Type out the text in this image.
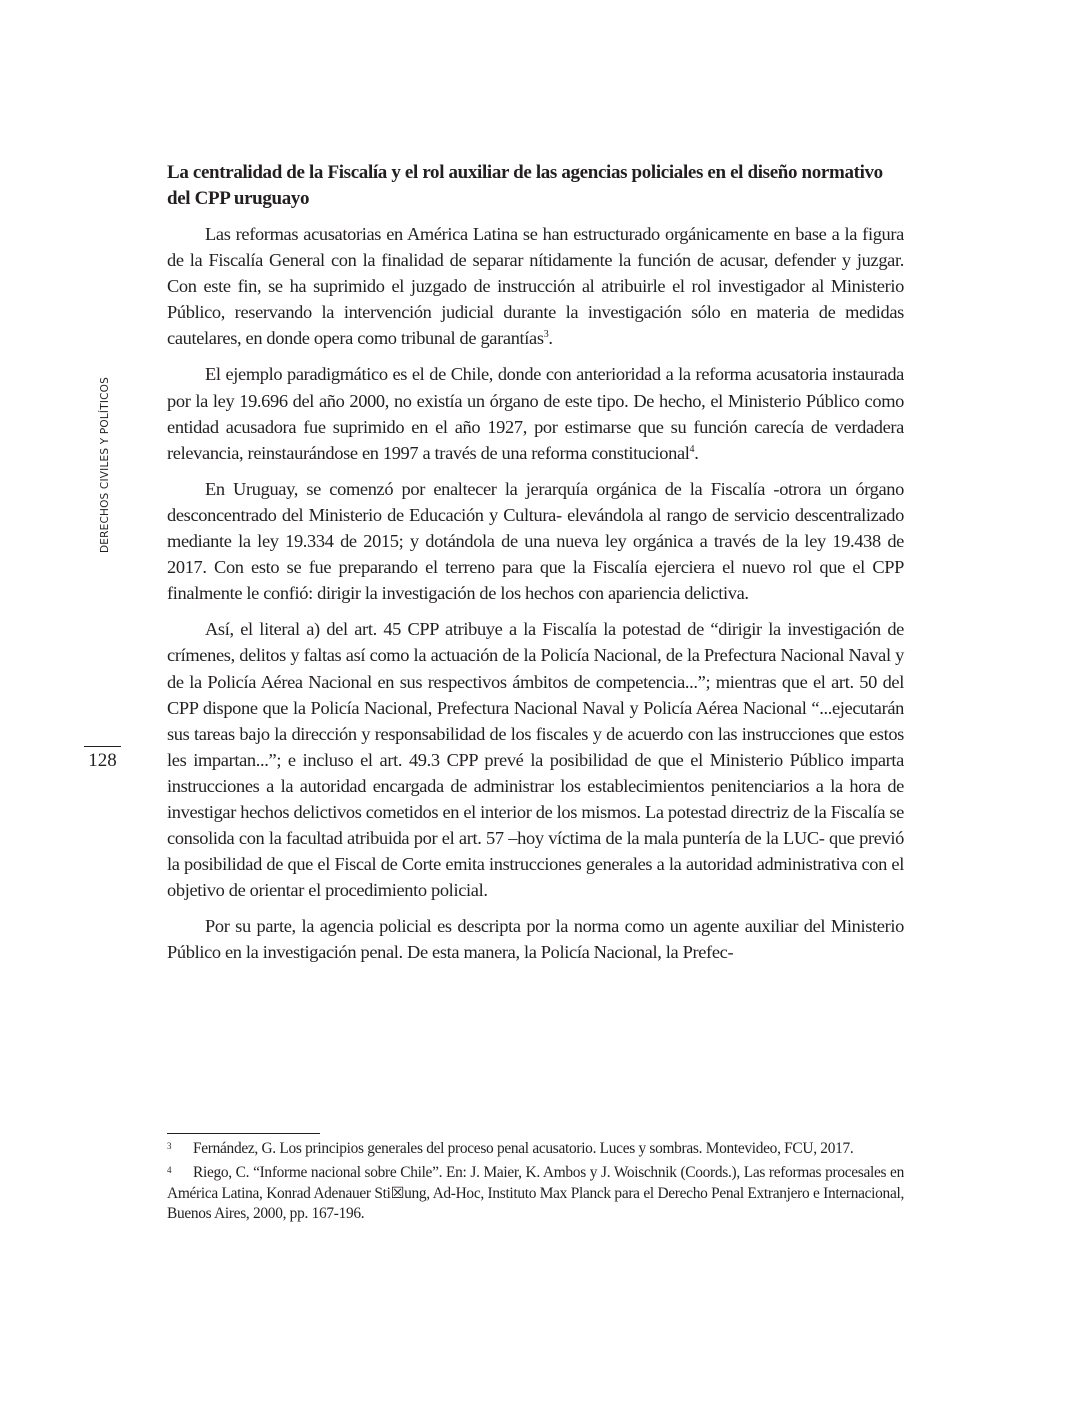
DERECHOS CIVILES Y POLÍTICOS
128
La centralidad de la Fiscalía y el rol auxiliar de las agencias policiales en el diseño normativo del CPP uruguayo

Las reformas acusatorias en América Latina se han estructurado orgánicamente en base a la figura de la Fiscalía General con la finalidad de separar nítidamente la función de acusar, defender y juzgar. Con este fin, se ha suprimido el juzgado de instrucción al atribuirle el rol investigador al Ministerio Público, reservando la intervención judicial durante la investigación sólo en materia de medidas cautelares, en donde opera como tribunal de garantías$^3$.

El ejemplo paradigmático es el de Chile, donde con anterioridad a la reforma acusatoria instaurada por la ley 19.696 del año 2000, no existía un órgano de este tipo. De hecho, el Ministerio Público como entidad acusadora fue suprimido en el año 1927, por estimarse que su función carecía de verdadera relevancia, reinstaurándose en 1997 a través de una reforma constitucional$^4$.

En Uruguay, se comenzó por enaltecer la jerarquía orgánica de la Fiscalía -otrora un órgano desconcentrado del Ministerio de Educación y Cultura- elevándola al rango de servicio descentralizado mediante la ley 19.334 de 2015; y dotándola de una nueva ley orgánica a través de la ley 19.438 de 2017. Con esto se fue preparando el terreno para que la Fiscalía ejerciera el nuevo rol que el CPP finalmente le confió: dirigir la investigación de los hechos con apariencia delictiva.

Así, el literal a) del art. 45 CPP atribuye a la Fiscalía la potestad de “dirigir la investigación de crímenes, delitos y faltas así como la actuación de la Policía Nacional, de la Prefectura Nacional Naval y de la Policía Aérea Nacional en sus respectivos ámbitos de competencia...”; mientras que el art. 50 del CPP dispone que la Policía Nacional, Prefectura Nacional Naval y Policía Aérea Nacional “...ejecutarán sus tareas bajo la dirección y responsabilidad de los fiscales y de acuerdo con las instrucciones que estos les impartan...”; e incluso el art. 49.3 CPP prevé la posibilidad de que el Ministerio Público imparta instrucciones a la autoridad encargada de administrar los establecimientos penitenciarios a la hora de investigar hechos delictivos cometidos en el interior de los mismos. La potestad directriz de la Fiscalía se consolida con la facultad atribuida por el art. 57 –hoy víctima de la mala puntería de la LUC- que previó la posibilidad de que el Fiscal de Corte emita instrucciones generales a la autoridad administrativa con el objetivo de orientar el procedimiento policial.

Por su parte, la agencia policial es descripta por la norma como un agente auxiliar del Ministerio Público en la investigación penal. De esta manera, la Policía Nacional, la Prefec-

3 Fernández, G. Los principios generales del proceso penal acusatorio. Luces y sombras. Montevideo, FCU, 2017.

4 Riego, C. “Informe nacional sobre Chile”. En: J. Maier, K. Ambos y J. Woischnik (Coords.), Las reformas procesales en América Latina, Konrad Adenauer Sti☒ung, Ad-Hoc, Instituto Max Planck para el Derecho Penal Extranjero e Internacional, Buenos Aires, 2000, pp. 167-196.
